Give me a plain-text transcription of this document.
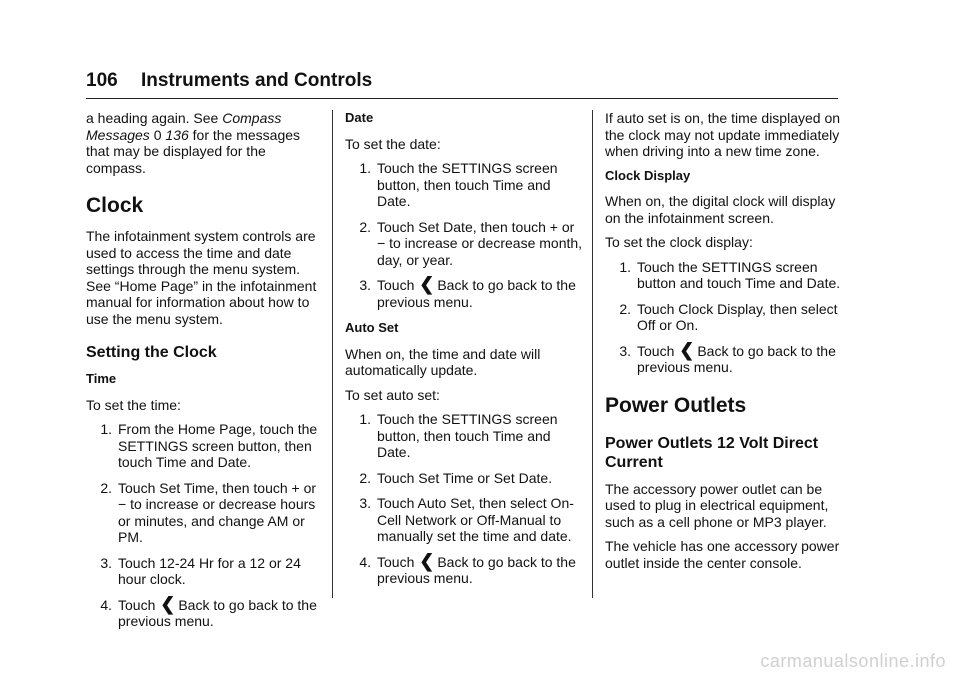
106 Instruments and Controls

a heading again. See Compass Messages 0 136 for the messages that may be displayed for the compass.

Clock

The infotainment system controls are used to access the time and date settings through the menu system. See “Home Page” in the infotainment manual for information about how to use the menu system.

Setting the Clock
Time

To set the time:

1. From the Home Page, touch the SETTINGS screen button, then touch Time and Date.
2. Touch Set Time, then touch + or − to increase or decrease hours or minutes, and change AM or PM.
3. Touch 12-24 Hr for a 12 or 24 hour clock.
4. Touch ❮ Back to go back to the previous menu.
Date

To set the date:

1. Touch the SETTINGS screen button, then touch Time and Date.
2. Touch Set Date, then touch + or − to increase or decrease month, day, or year.
3. Touch ❮ Back to go back to the previous menu.
Auto Set

When on, the time and date will automatically update.

To set auto set:

1. Touch the SETTINGS screen button, then touch Time and Date.
2. Touch Set Time or Set Date.
3. Touch Auto Set, then select On-Cell Network or Off-Manual to manually set the time and date.
4. Touch ❮ Back to go back to the previous menu.

If auto set is on, the time displayed on the clock may not update immediately when driving into a new time zone.

Clock Display

When on, the digital clock will display on the infotainment screen.

To set the clock display:

1. Touch the SETTINGS screen button and touch Time and Date.
2. Touch Clock Display, then select Off or On.
3. Touch ❮ Back to go back to the previous menu.
Power Outlets
Power Outlets 12 Volt Direct Current

The accessory power outlet can be used to plug in electrical equipment, such as a cell phone or MP3 player.

The vehicle has one accessory power outlet inside the center console.

carmanualsonline.info
